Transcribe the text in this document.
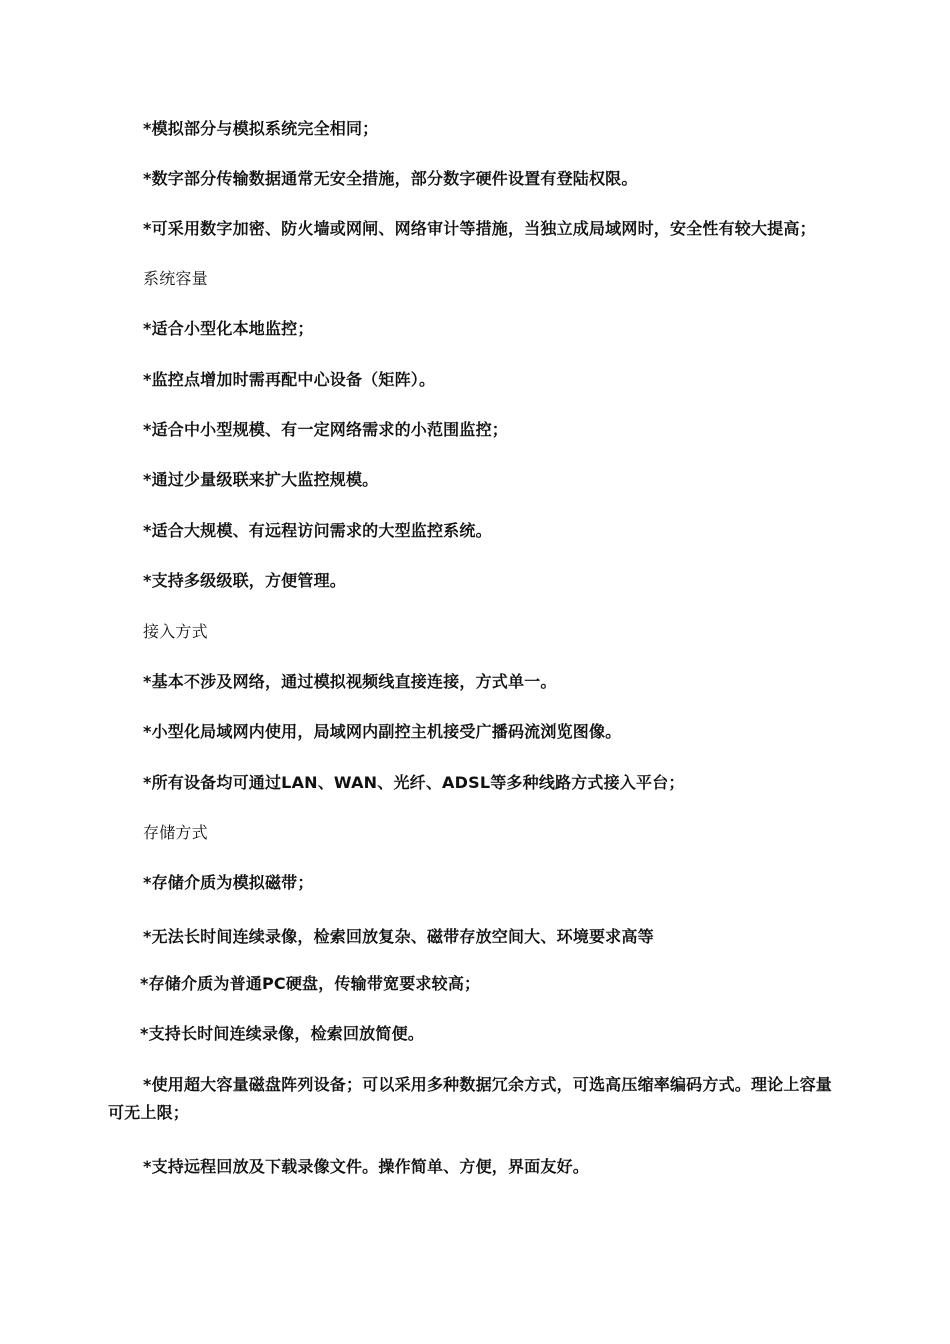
*模拟部分与模拟系统完全相同；
*数字部分传输数据通常无安全措施，部分数字硬件设置有登陆权限。
*可采用数字加密、防火墙或网闸、网络审计等措施，当独立成局域网时，安全性有较大提高；
系统容量
*适合小型化本地监控；
*监控点增加时需再配中心设备（矩阵）。
*适合中小型规模、有一定网络需求的小范围监控；
*通过少量级联来扩大监控规模。
*适合大规模、有远程访问需求的大型监控系统。
*支持多级级联，方便管理。
接入方式
*基本不涉及网络，通过模拟视频线直接连接，方式单一。
*小型化局域网内使用，局域网内副控主机接受广播码流浏览图像。
*所有设备均可通过LAN、WAN、光纤、ADSL等多种线路方式接入平台；
存储方式
*存储介质为模拟磁带；
*无法长时间连续录像，检索回放复杂、磁带存放空间大、环境要求高等
*存储介质为普通PC硬盘，传输带宽要求较高；
*支持长时间连续录像，检索回放简便。
*使用超大容量磁盘阵列设备；可以采用多种数据冗余方式，可选高压缩率编码方式。理论上容量可无上限；
*支持远程回放及下载录像文件。操作简单、方便，界面友好。
